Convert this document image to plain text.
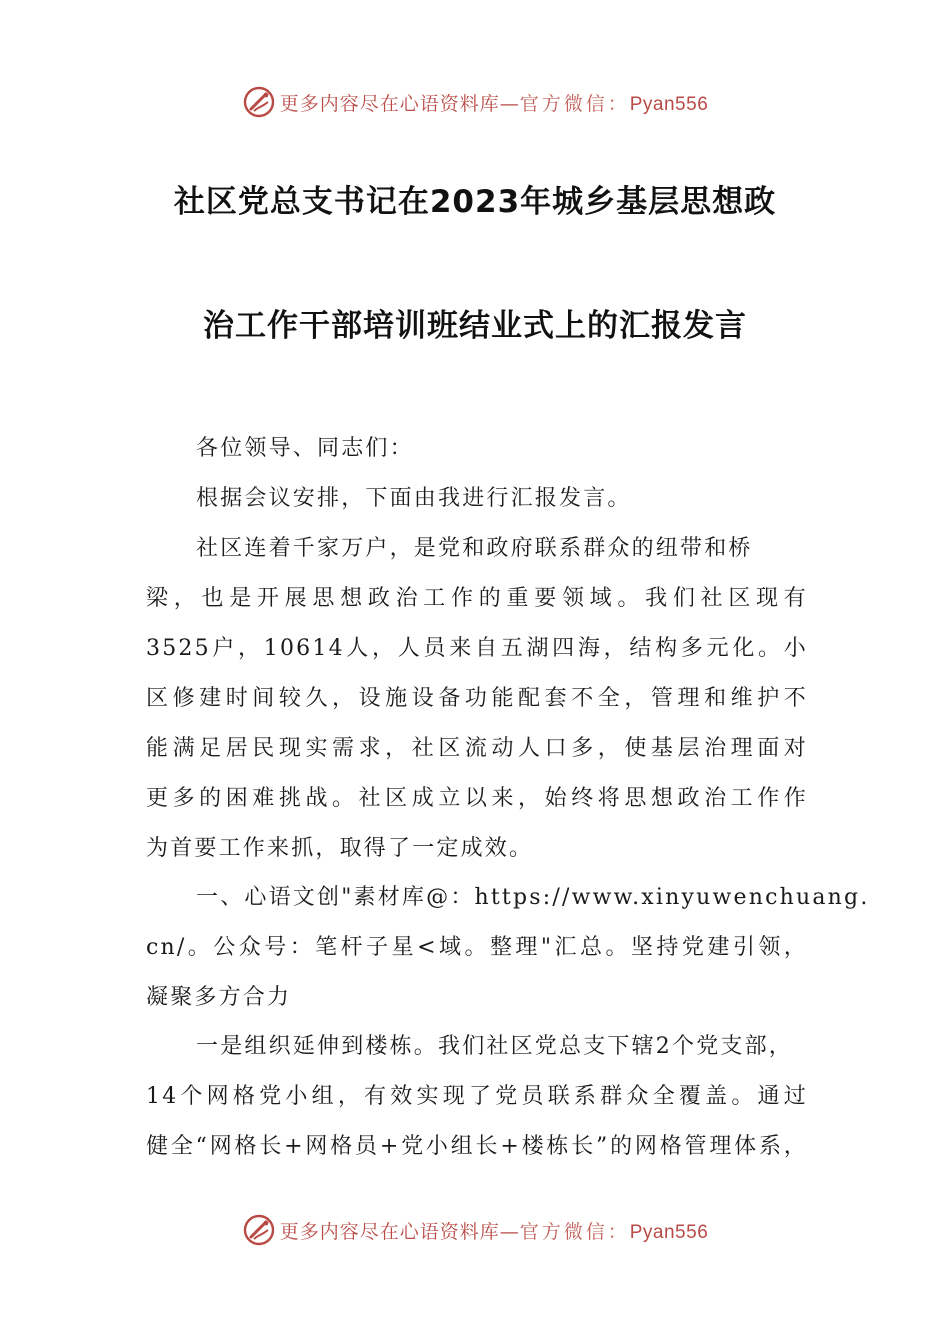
更多内容尽在心语资料库—官方微信：Pyan556
社区党总支书记在2023年城乡基层思想政
治工作干部培训班结业式上的汇报发言
各位领导、同志们：
根据会议安排，下面由我进行汇报发言。
社区连着千家万户，是党和政府联系群众的纽带和桥
梁，也是开展思想政治工作的重要领域。我们社区现有
3525户，10614人，人员来自五湖四海，结构多元化。小
区修建时间较久，设施设备功能配套不全，管理和维护不
能满足居民现实需求，社区流动人口多，使基层治理面对
更多的困难挑战。社区成立以来，始终将思想政治工作作
为首要工作来抓，取得了一定成效。
一、心语文创"素材库@：https://www.xinyuwenchuang.
cn/。公众号：笔杆子星<域。整理"汇总。坚持党建引领，
凝聚多方合力
一是组织延伸到楼栋。我们社区党总支下辖2个党支部，
14个网格党小组，有效实现了党员联系群众全覆盖。通过
健全“网格长+网格员+党小组长+楼栋长”的网格管理体系，
更多内容尽在心语资料库—官方微信：Pyan556
